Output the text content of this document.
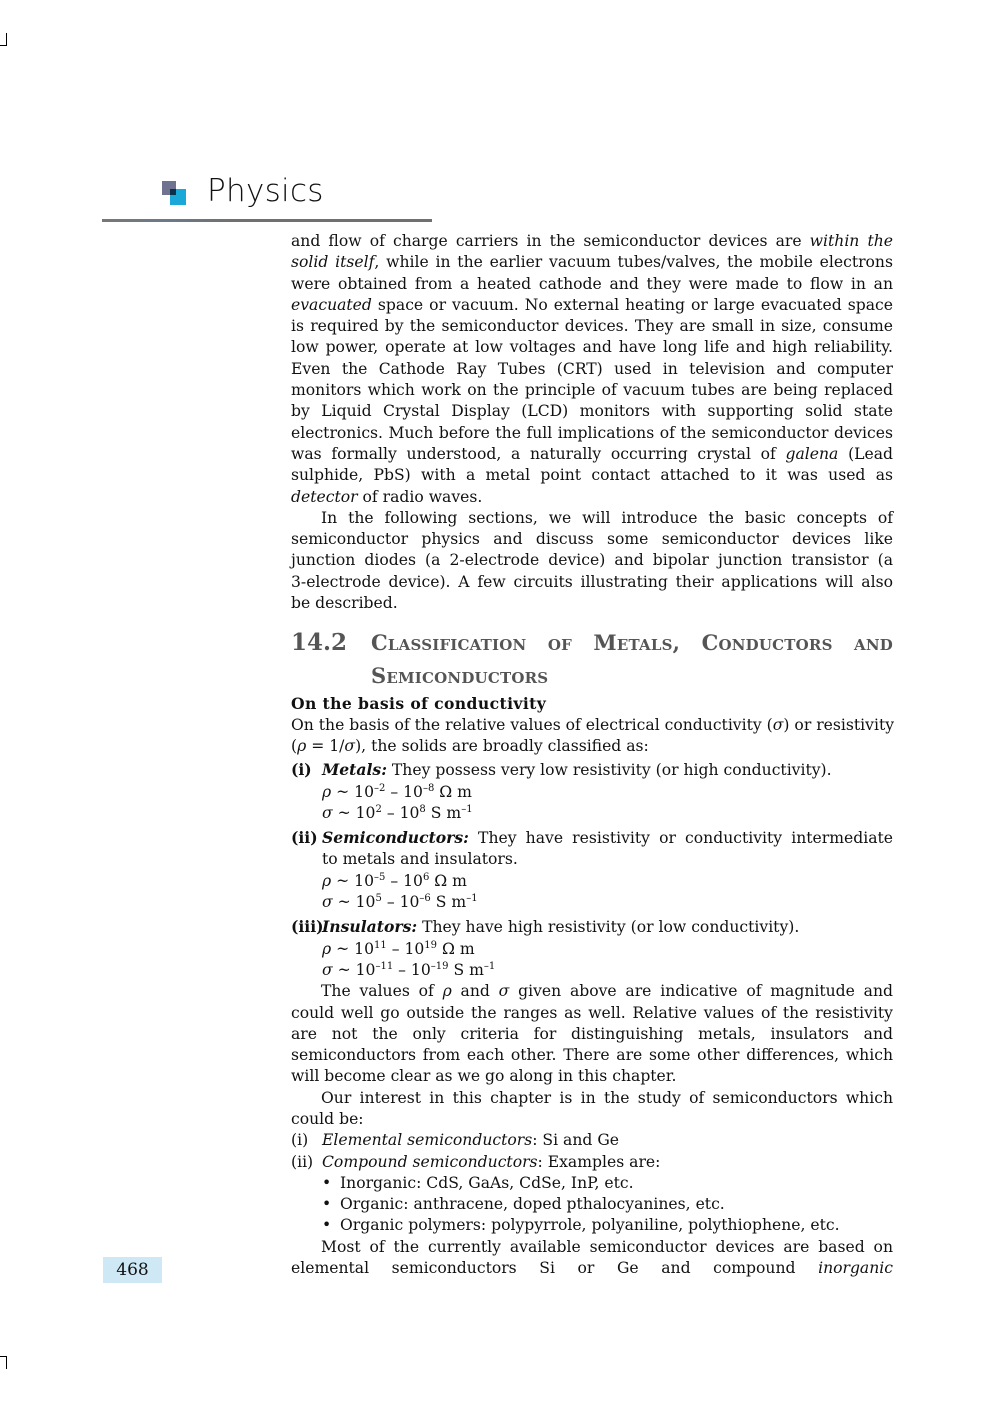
Physics
and flow of charge carriers in the semiconductor devices are within the
solid itself, while in the earlier vacuum tubes/valves, the mobile electrons
were obtained from a heated cathode and they were made to flow in an
evacuated space or vacuum. No external heating or large evacuated space
is required by the semiconductor devices. They are small in size, consume
low power, operate at low voltages and have long life and high reliability.
Even the Cathode Ray Tubes (CRT) used in television and computer
monitors which work on the principle of vacuum tubes are being replaced
by Liquid Crystal Display (LCD) monitors with supporting solid state
electronics. Much before the full implications of the semiconductor devices
was formally understood, a naturally occurring crystal of galena (Lead
sulphide, PbS) with a metal point contact attached to it was used as
detector of radio waves.
In the following sections, we will introduce the basic concepts of
semiconductor physics and discuss some semiconductor devices like
junction diodes (a 2-electrode device) and bipolar junction transistor (a
3-electrode device). A few circuits illustrating their applications will also
be described.
14.2	Classification of Metals, Conductors and
Semiconductors
On the basis of conductivity
On the basis of the relative values of electrical conductivity (σ) or resistivity
(ρ = 1/σ), the solids are broadly classified as:
(i) Metals: They possess very low resistivity (or high conductivity).
ρ ~ $10^{-2} - 10^{-8}$ Ω m
σ ~ $10^2 - 10^8$ S $m^{-1}$
(ii) Semiconductors: They have resistivity or conductivity intermediate
to metals and insulators.
ρ ~ $10^{-5} - 10^6$ Ω m
σ ~ $10^5 - 10^{-6}$ S $m^{-1}$
(iii)
Insulators: They have high resistivity (or low conductivity).
ρ ~ $10^{11} - 10^{19}$ Ω m
σ ~ $10^{-11} - 10^{-19}$ S $m^{-1}$
The values of ρ and σ given above are indicative of magnitude and
could well go outside the ranges as well. Relative values of the resistivity
are not the only criteria for distinguishing metals, insulators and
semiconductors from each other. There are some other differences, which
will become clear as we go along in this chapter.
Our interest in this chapter is in the study of semiconductors which
could be:
(i) Elemental semiconductors: Si and Ge
(ii) Compound semiconductors: Examples are:
• Inorganic: CdS, GaAs, CdSe, InP, etc.
• Organic: anthracene, doped pthalocyanines, etc.
• Organic polymers: polypyrrole, polyaniline, polythiophene, etc.
Most of the currently available semiconductor devices are based on
elemental semiconductors Si or Ge and compound inorganic
468
